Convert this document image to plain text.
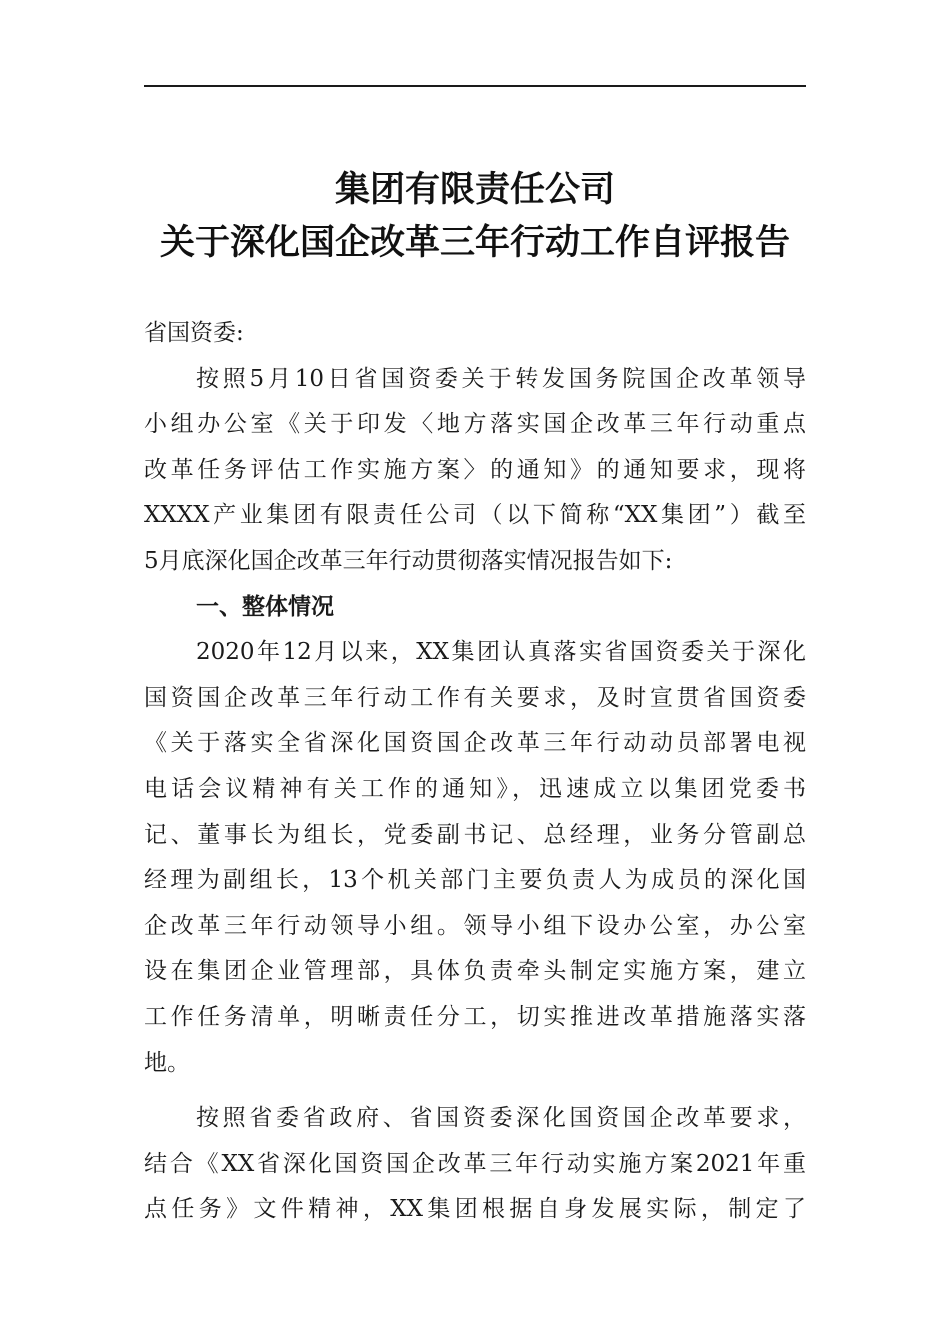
集团有限责任公司
关于深化国企改革三年行动工作自评报告
省国资委:
按照5月10日省国资委关于转发国务院国企改革领导
小组办公室《关于印发〈地方落实国企改革三年行动重点
改革任务评估工作实施方案〉的通知》的通知要求，现将
XXXX产业集团有限责任公司（以下简称“XX集团”）截至
5月底深化国企改革三年行动贯彻落实情况报告如下:
一、整体情况
2020年12月以来，XX集团认真落实省国资委关于深化
国资国企改革三年行动工作有关要求，及时宣贯省国资委
《关于落实全省深化国资国企改革三年行动动员部署电视
电话会议精神有关工作的通知》，迅速成立以集团党委书
记、董事长为组长，党委副书记、总经理，业务分管副总
经理为副组长，13个机关部门主要负责人为成员的深化国
企改革三年行动领导小组。领导小组下设办公室，办公室
设在集团企业管理部，具体负责牵头制定实施方案，建立
工作任务清单，明晰责任分工，切实推进改革措施落实落
地。
按照省委省政府、省国资委深化国资国企改革要求，
结合《XX省深化国资国企改革三年行动实施方案2021年重
点任务》文件精神，XX集团根据自身发展实际，制定了
